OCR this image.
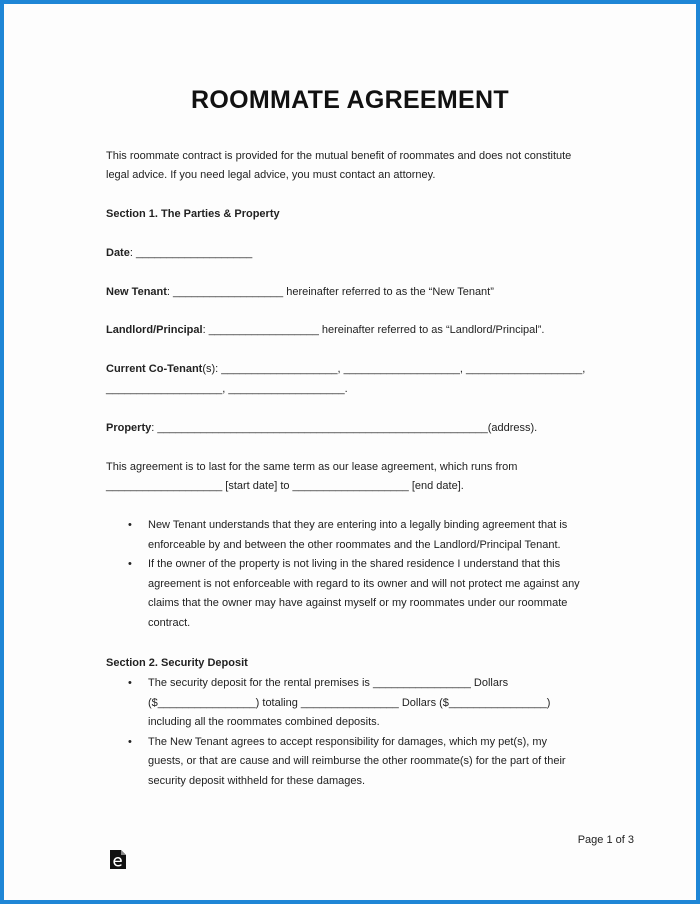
ROOMMATE AGREEMENT
This roommate contract is provided for the mutual benefit of roommates and does not constitute
legal advice. If you need legal advice, you must contact an attorney.
Section 1. The Parties & Property
Date: ___________________
New Tenant: __________________ hereinafter referred to as the “New Tenant”
Landlord/Principal: __________________ hereinafter referred to as “Landlord/Principal”.
Current Co-Tenant(s): ___________________, ___________________, ___________________,
___________________, ___________________.
Property: ______________________________________________________(address).
This agreement is to last for the same term as our lease agreement, which runs from
___________________ [start date] to ___________________ [end date].
• New Tenant understands that they are entering into a legally binding agreement that is
enforceable by and between the other roommates and the Landlord/Principal Tenant.
• If the owner of the property is not living in the shared residence I understand that this
agreement is not enforceable with regard to its owner and will not protect me against any
claims that the owner may have against myself or my roommates under our roommate
contract.
Section 2. Security Deposit
• The security deposit for the rental premises is ________________ Dollars
($________________) totaling ________________ Dollars ($________________)
including all the roommates combined deposits.
• The New Tenant agrees to accept responsibility for damages, which my pet(s), my
guests, or that are cause and will reimburse the other roommate(s) for the part of their
security deposit withheld for these damages.
Page 1 of 3
